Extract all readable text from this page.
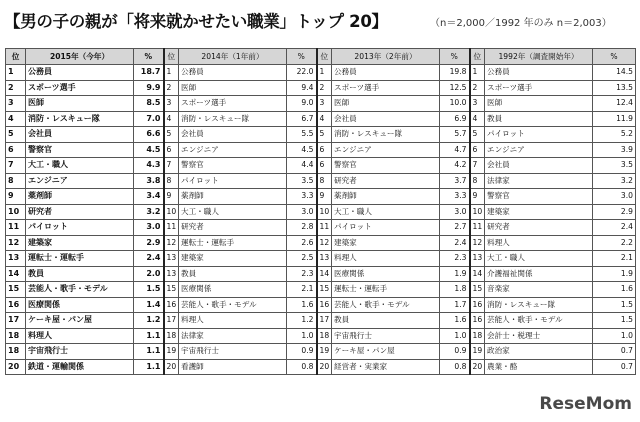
【男の子の親が「将来就かせたい職業」トップ 20】	（n＝2,000／1992 年のみ n＝2,003）
位	2015年（今年）	%	位	2014年（1年前）	%	位	2013年（2年前）	%	位	1992年（調査開始年）	%
1	公務員	18.7	1	公務員	22.0	1	公務員	19.8	1	公務員	14.5
2	スポーツ選手	9.9	2	医師	9.4	2	スポーツ選手	12.5	2	スポーツ選手	13.5
3	医師	8.5	3	スポーツ選手	9.0	3	医師	10.0	3	医師	12.4
4	消防・レスキュー隊	7.0	4	消防・レスキュー隊	6.7	4	会社員	6.9	4	教員	11.9
5	会社員	6.6	5	会社員	5.5	5	消防・レスキュー隊	5.7	5	パイロット	5.2
6	警察官	4.5	6	エンジニア	4.5	6	エンジニア	4.7	6	エンジニア	3.9
7	大工・職人	4.3	7	警察官	4.4	6	警察官	4.2	7	会社員	3.5
8	エンジニア	3.8	8	パイロット	3.5	8	研究者	3.7	8	法律家	3.2
9	薬剤師	3.4	9	薬剤師	3.3	9	薬剤師	3.3	9	警察官	3.0
10	研究者	3.2	10	大工・職人	3.0	10	大工・職人	3.0	10	建築家	2.9
11	パイロット	3.0	11	研究者	2.8	11	パイロット	2.7	11	研究者	2.4
12	建築家	2.9	12	運転士・運転手	2.6	12	建築家	2.4	12	料理人	2.2
13	運転士・運転手	2.4	13	建築家	2.5	13	料理人	2.3	13	大工・職人	2.1
14	教員	2.0	13	教員	2.3	14	医療関係	1.9	14	介護福祉関係	1.9
15	芸能人・歌手・モデル	1.5	15	医療関係	2.1	15	運転士・運転手	1.8	15	音楽家	1.6
16	医療関係	1.4	16	芸能人・歌手・モデル	1.6	16	芸能人・歌手・モデル	1.7	16	消防・レスキュー隊	1.5
17	ケーキ屋・パン屋	1.2	17	料理人	1.2	17	教員	1.6	16	芸能人・歌手・モデル	1.5
18	料理人	1.1	18	法律家	1.0	18	宇宙飛行士	1.0	18	会計士・税理士	1.0
18	宇宙飛行士	1.1	19	宇宙飛行士	0.9	19	ケーキ屋・パン屋	0.9	19	政治家	0.7
20	鉄道・運輸関係	1.1	20	看護師	0.8	20	経営者・実業家	0.8	20	農業・酪	0.7
ReseMom
